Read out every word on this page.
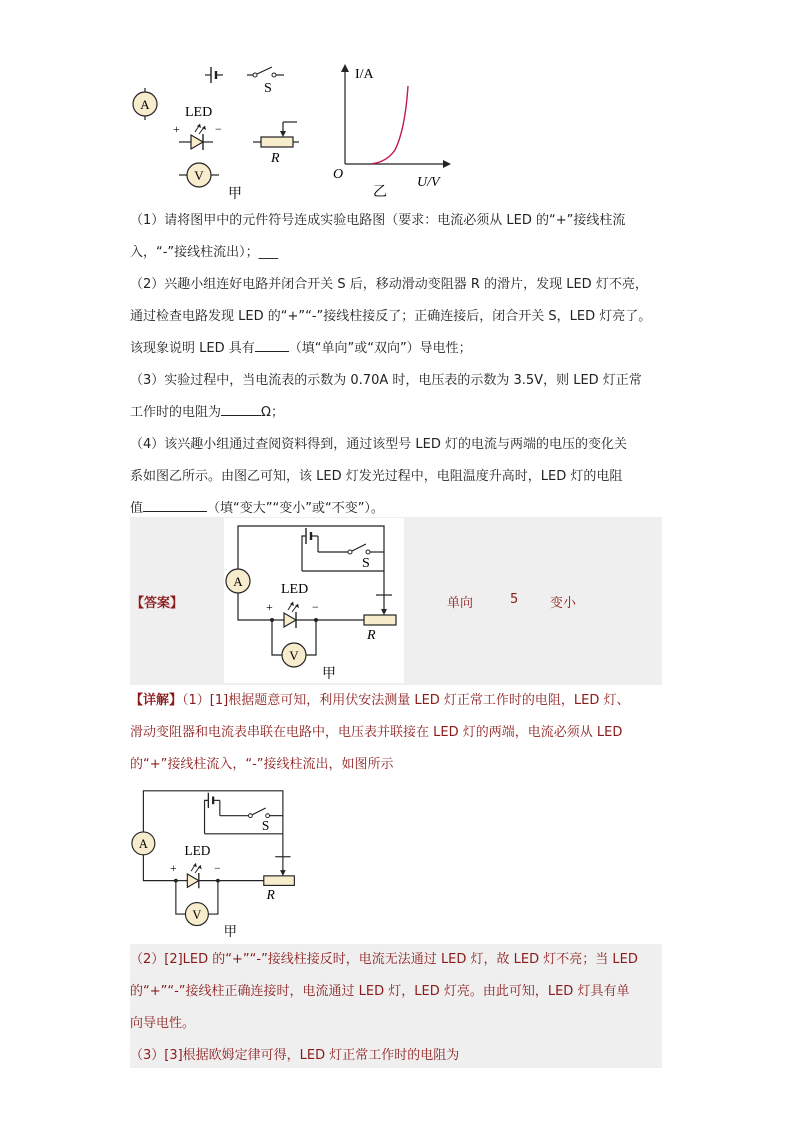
A
S
LED
+	−
R
V
甲
I/A
U/V
O
乙

（1）请将图甲中的元件符号连成实验电路图（要求：电流必须从 LED 的“+”接线柱流

入，“-”接线柱流出）；___

（2）兴趣小组连好电路并闭合开关 S 后，移动滑动变阻器 R 的滑片，发现 LED 灯不亮，

通过检查电路发现 LED 的“+”“-”接线柱接反了；正确连接后，闭合开关 S，LED 灯亮了。

该现象说明 LED 具有	（填“单向”或“双向”）导电性；

（3）实验过程中，当电流表的示数为 0.70A 时，电压表的示数为 3.5V，则 LED 灯正常

工作时的电阻为	Ω；

（4）该兴趣小组通过查阅资料得到，通过该型号 LED 灯的电流与两端的电压的变化关

系如图乙所示。由图乙可知，该 LED 灯发光过程中，电阻温度升高时，LED 灯的电阻

值	（填“变大”“变小”或“不变”）。

【答案】
S
A
LED
+	−
R
V
甲
单向	5 变小

【详解】（1）[1]根据题意可知，利用伏安法测量 LED 灯正常工作时的电阻，LED 灯、

滑动变阻器和电流表串联在电路中，电压表并联接在 LED 灯的两端，电流必须从 LED

的“+”接线柱流入，“-”接线柱流出，如图所示

S
A	LED
+	−
R
V
甲

（2）[2]LED 的“+”“-”接线柱接反时，电流无法通过 LED 灯，故 LED 灯不亮；当 LED

的“+”“-”接线柱正确连接时，电流通过 LED 灯，LED 灯亮。由此可知，LED 灯具有单

向导电性。

（3）[3]根据欧姆定律可得，LED 灯正常工作时的电阻为
